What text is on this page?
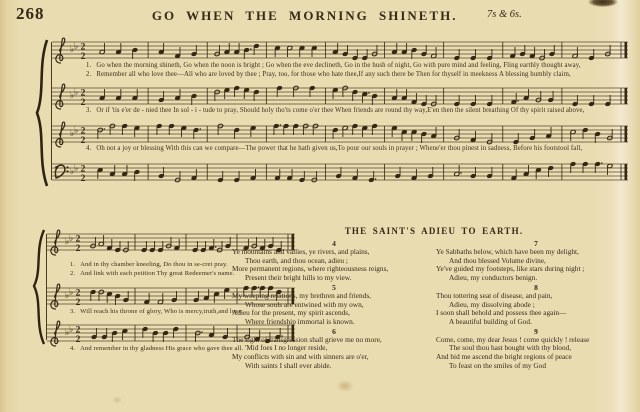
268	GO WHEN THE MORNING SHINETH.	7s & 6s.
♭ ♭ 2
2
1. Go when the morning shineth, Go when the noon is bright ; Go when the eve declineth, Go in the hush of night, Go with pure mind and feeling, Fling earthly thought away,
2. Remember all who love thee—All who are loved by thee ; Pray, too, for those who hate thee,If any such there be Then for thyself in meekness A blessing humbly claim,
♭ ♭ 2
2
3. Or if 'tis e'er de - nied thee In sol - i - tude to pray, Should holy tho'ts come o'er thee When friends are round thy way,E'en then the silent breathing Of thy spirit raised above,
♭ ♭ 2
2
4. Oh not a joy or blessing With this can we compare—The power that he hath given us,To pour our souls in prayer ; Whene'er thou pinest in sadness, Before his footstool fall,
♭ ♭ 2
2
♭ ♭ 2
2
1. And in thy chamber kneeling, Do thou in se-cret pray.
2. And link with each petition Thy great Redeemer's name.
♭ ♭ 2
2
3. Will reach his throne of glory, Who is mercy,truth,and love.
♭ ♭ 2
2
4. And remember in thy gladness His grace who gave thee all.
THE SAINT'S ADIEU TO EARTH.
4
Ye mountains and vallies, ye rivers, and plains,
Thou earth, and thou ocean, adieu ;
More permanent regions, where righteousness reigns,
Present their bright hills to my view.
5
My weeping relations, my brethren and friends,
Whose souls are entwined with my own,
Adieu for the present, my spirit ascends,
Where friendship immortal is known.
6
The sight of transgression shall grieve me no more,
'Mid foes I no longer reside,
My conflicts with sin and with sinners are o'er,
With saints I shall ever abide.
7
Ye Sabbaths below, which have been my delight,
And thou blessed Volume divine,
Ye've guided my footsteps, like stars during night ;
Adieu, my conductors benign.
8
Thou tottering seat of disease, and pain,
Adieu, my dissolving abode ;
I soon shall behold and possess thee again—
A beautiful building of God.
9
Come, come, my dear Jesus ! come quickly ! release
The soul thou hast bought with thy blood,
And bid me ascend the bright regions of peace
To feast on the smiles of my God
